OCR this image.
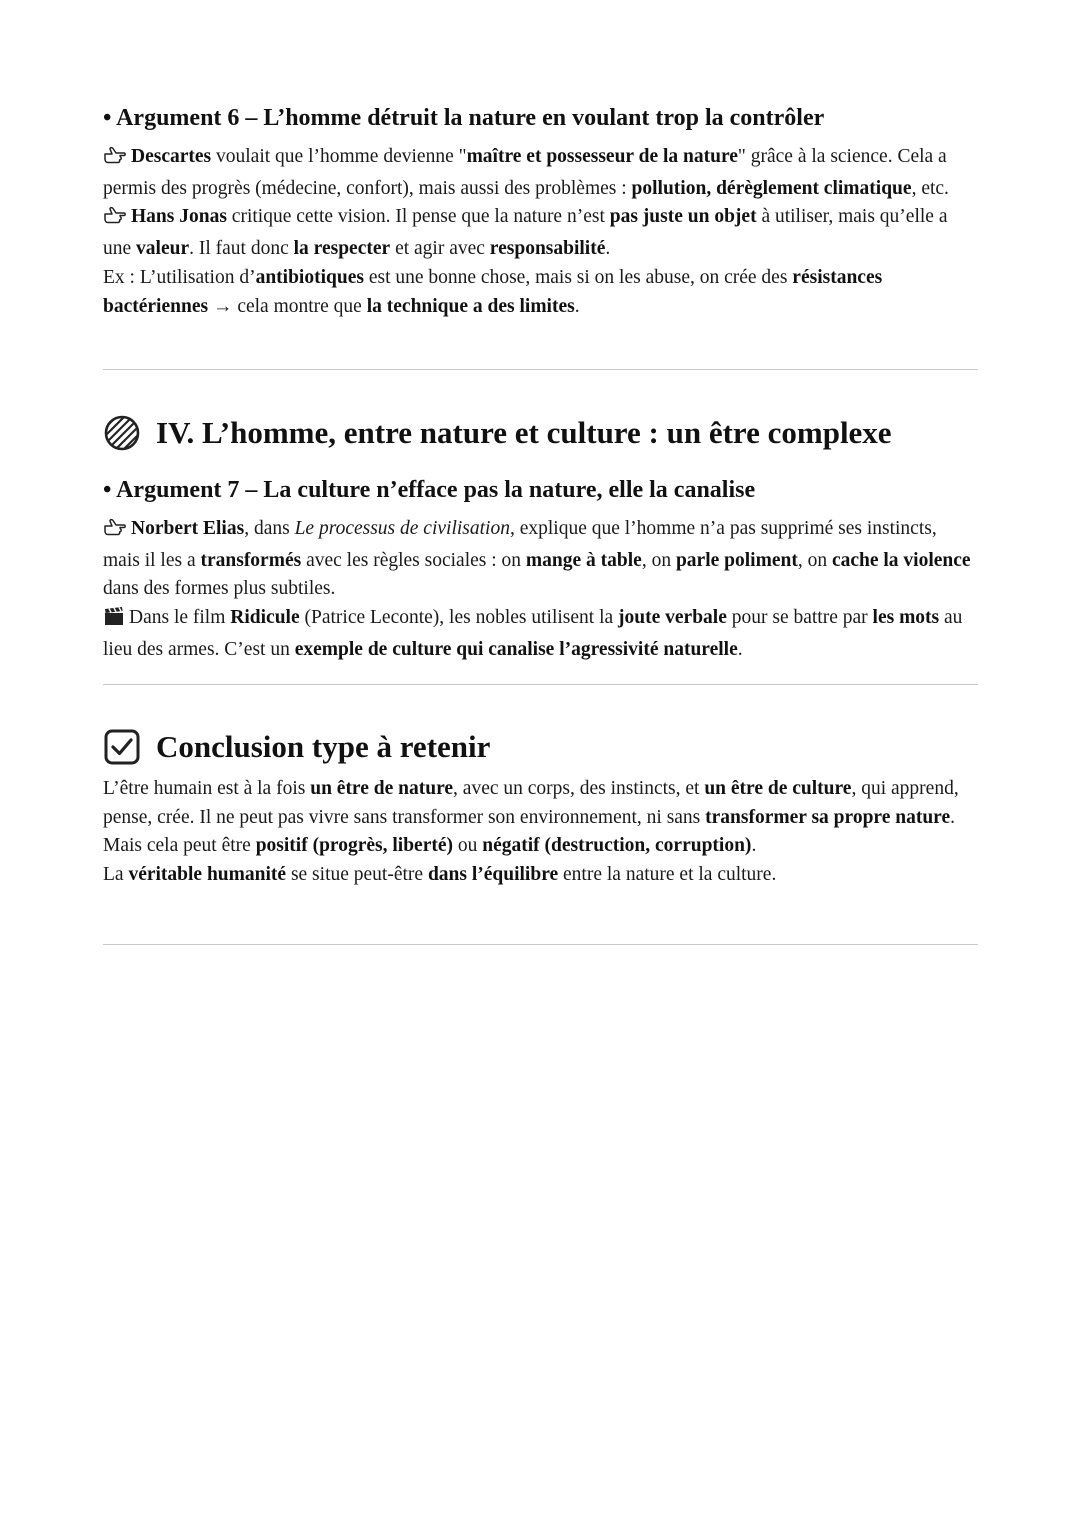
• Argument 6 – L’homme détruit la nature en voulant trop la contrôler

Descartes voulait que l’homme devienne "maître et possesseur de la nature" grâce à la science. Cela a permis des progrès (médecine, confort), mais aussi des problèmes : pollution, dérèglement climatique, etc.

Hans Jonas critique cette vision. Il pense que la nature n’est pas juste un objet à utiliser, mais qu’elle a une valeur. Il faut donc la respecter et agir avec responsabilité.

Ex : L’utilisation d’antibiotiques est une bonne chose, mais si on les abuse, on crée des résistances bactériennes → cela montre que la technique a des limites.

IV. L’homme, entre nature et culture : un être complexe
• Argument 7 – La culture n’efface pas la nature, elle la canalise

Norbert Elias, dans Le processus de civilisation, explique que l’homme n’a pas supprimé ses instincts, mais il les a transformés avec les règles sociales : on mange à table, on parle poliment, on cache la violence dans des formes plus subtiles.

Dans le film Ridicule (Patrice Leconte), les nobles utilisent la joute verbale pour se battre par les mots au lieu des armes. C’est un exemple de culture qui canalise l’agressivité naturelle.

Conclusion type à retenir

L’être humain est à la fois un être de nature, avec un corps, des instincts, et un être de culture, qui apprend, pense, crée. Il ne peut pas vivre sans transformer son environnement, ni sans transformer sa propre nature.

Mais cela peut être positif (progrès, liberté) ou négatif (destruction, corruption).

La véritable humanité se situe peut-être dans l’équilibre entre la nature et la culture.
